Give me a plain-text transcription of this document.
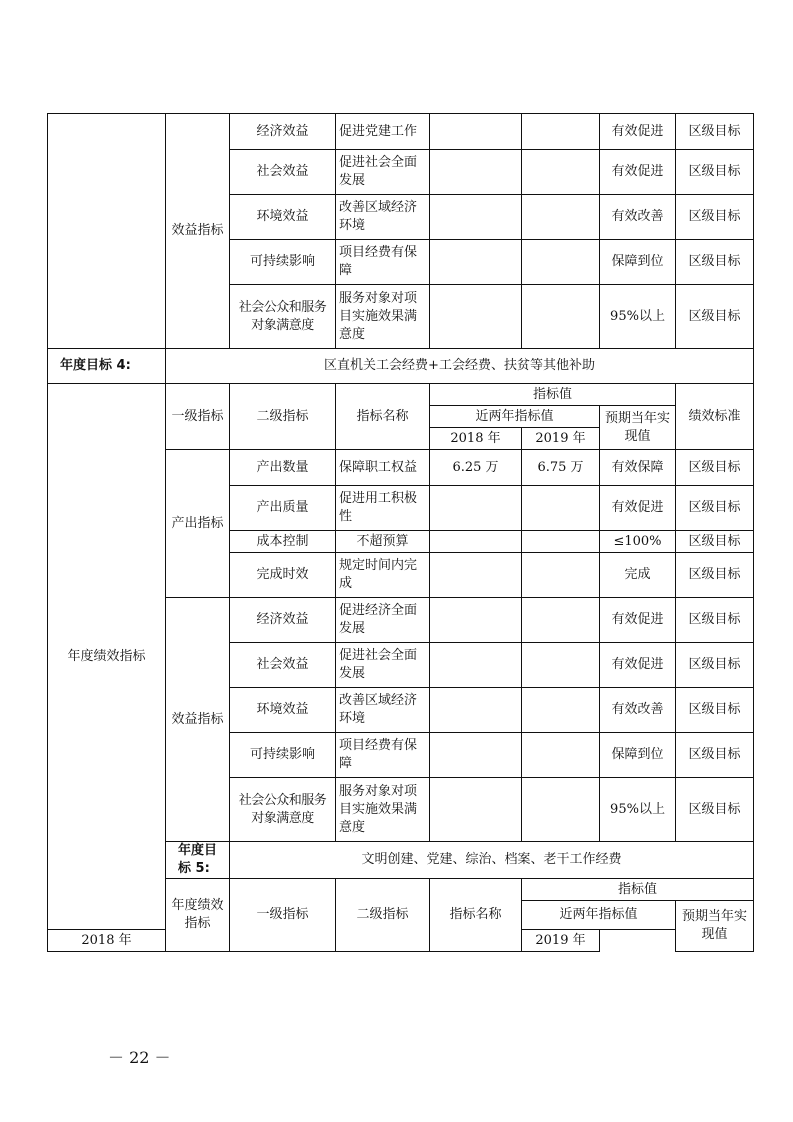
	效益指标	经济效益	促进党建工作			有效促进	区级目标	
		社会效益	促进社会全面发展			有效促进	区级目标	
		环境效益	改善区域经济环境			有效改善	区级目标	
		可持续影响	项目经费有保障			保障到位	区级目标	
		社会公众和服务对象满意度	服务对象对项目实施效果满意度			95%以上	区级目标	
年度目标 4:	区直机关工会经费+工会经费、扶贫等其他补助							
年度绩效指标	一级指标	二级指标	指标名称	指标值			绩效标准	
				近两年指标值		预期当年实现值		
				2018 年	2019 年			
	产出指标	产出数量	保障职工权益	6.25 万	6.75 万	有效保障	区级目标	
		产出质量	促进用工积极性			有效促进	区级目标	
		成本控制	不超预算			≤100%	区级目标	
		完成时效	规定时间内完成			完成	区级目标	
	效益指标	经济效益	促进经济全面发展			有效促进	区级目标	
		社会效益	促进社会全面发展			有效促进	区级目标	
		环境效益	改善区域经济环境			有效改善	区级目标	
		可持续影响	项目经费有保障			保障到位	区级目标	
		社会公众和服务对象满意度	服务对象对项目实施效果满意度			95%以上	区级目标	
	年度目标 5:	文明创建、党建、综治、档案、老干工作经费						
	年度绩效指标	一级指标	二级指标	指标名称	指标值	
					近两年指标值		预期当年实现值	
2018 年					2019 年			
－ 22 －
